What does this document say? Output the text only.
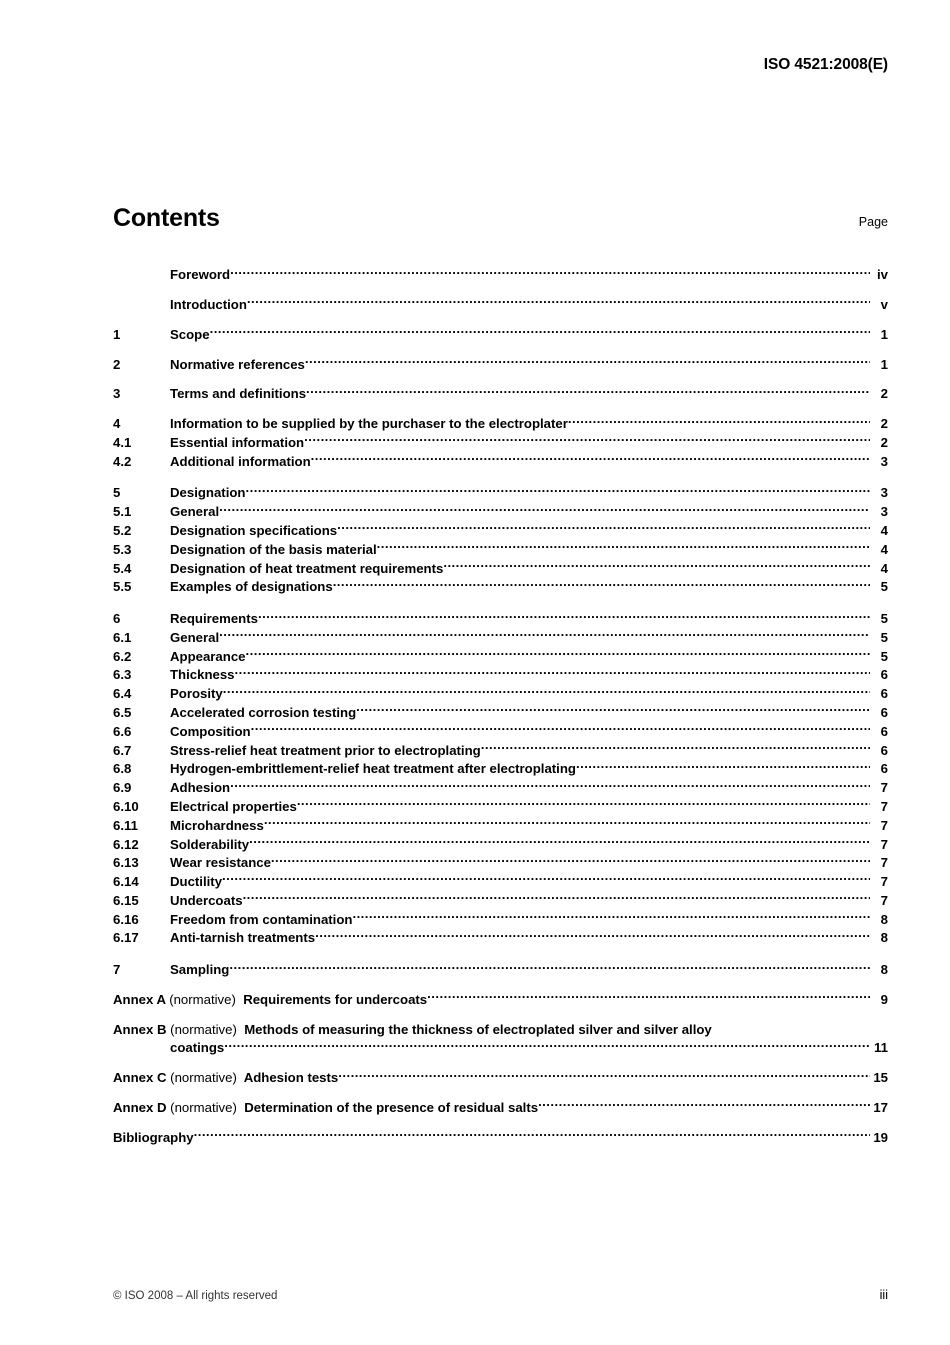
ISO 4521:2008(E)
Contents	Page
Foreword .....	iv
Introduction .....	v
1	Scope .....	1
2	Normative references .....	1
3	Terms and definitions .....	2
4	Information to be supplied by the purchaser to the electroplater .....	2
4.1	Essential information .....	2
4.2	Additional information .....	3
5	Designation .....	3
5.1	General .....	3
5.2	Designation specifications .....	4
5.3	Designation of the basis material .....	4
5.4	Designation of heat treatment requirements .....	4
5.5	Examples of designations .....	5
6	Requirements .....	5
6.1	General .....	5
6.2	Appearance .....	5
6.3	Thickness .....	6
6.4	Porosity .....	6
6.5	Accelerated corrosion testing .....	6
6.6	Composition .....	6
6.7	Stress-relief heat treatment prior to electroplating .....	6
6.8	Hydrogen-embrittlement-relief heat treatment after electroplating .....	6
6.9	Adhesion .....	7
6.10	Electrical properties .....	7
6.11	Microhardness .....	7
6.12	Solderability .....	7
6.13	Wear resistance .....	7
6.14	Ductility .....	7
6.15	Undercoats .....	7
6.16	Freedom from contamination .....	8
6.17	Anti-tarnish treatments .....	8
7	Sampling .....	8
Annex A (normative) Requirements for undercoats .....	9
Annex B (normative) Methods of measuring the thickness of electroplated silver and silver alloy
coatings .....	11
Annex C (normative) Adhesion tests .....	15
Annex D (normative) Determination of the presence of residual salts .....	17
Bibliography .....	19
© ISO 2008 – All rights reserved	iii
